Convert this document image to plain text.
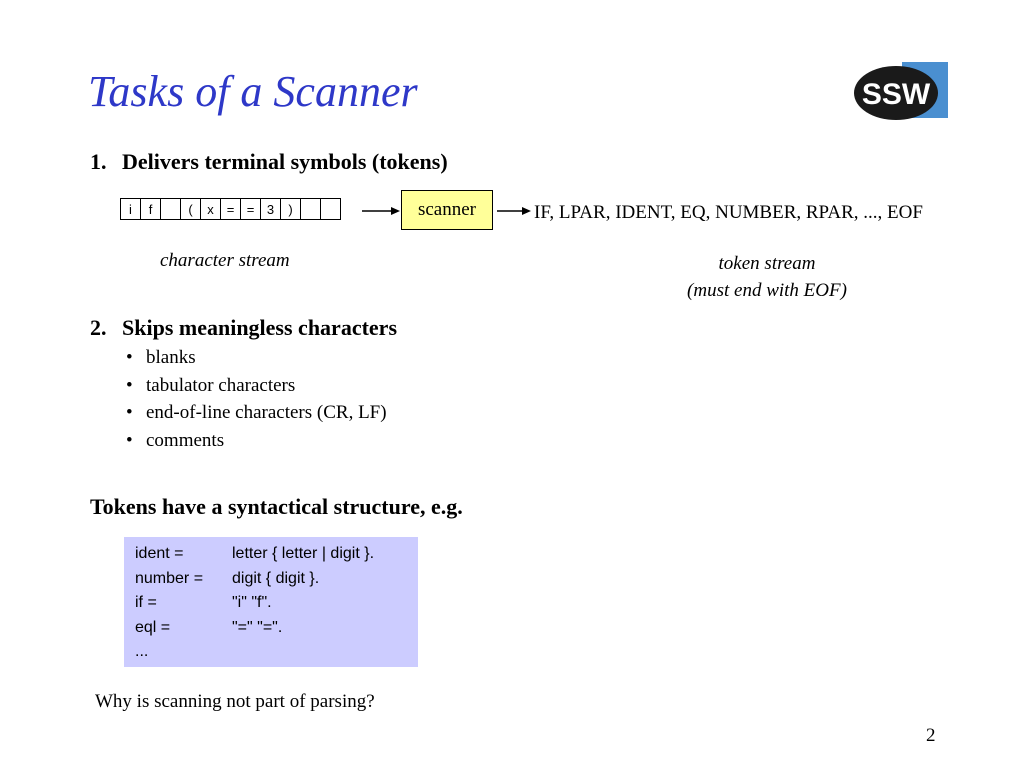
Tasks of a Scanner	SSW
1. Delivers terminal symbols (tokens)
i	f	(	x = = 3	)	scanner	IF, LPAR, IDENT, EQ, NUMBER, RPAR, ..., EOF
character stream	token stream
(must end with EOF)
2. Skips meaningless characters
• blanks
• tabulator characters
• end-of-line characters (CR, LF)
• comments
Tokens have a syntactical structure, e.g.
ident =	letter { letter | digit }.
number =	digit { digit }.
if =	"i" "f".
eql =	"=" "=".
...
Why is scanning not part of parsing?
2
